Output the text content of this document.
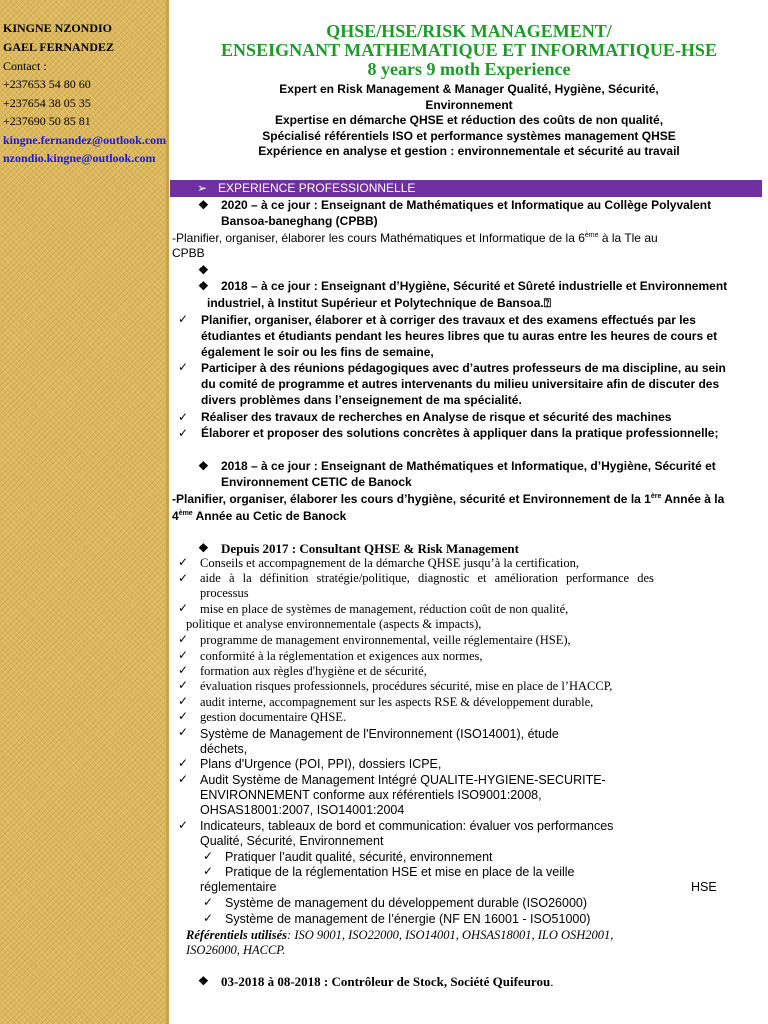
KINGNE NZONDIO
GAEL FERNANDEZ
Contact :
+237653 54 80 60
+237654 38 05 35
+237690 50 85 81
kingne.fernandez@outlook.com
nzondio.kingne@outlook.com
QHSE/HSE/RISK MANAGEMENT/
ENSEIGNANT MATHEMATIQUE ET INFORMATIQUE-HSE
8 years 9 moth Experience
Expert en Risk Management & Manager Qualité, Hygiène, Sécurité,
Environnement
Expertise en démarche QHSE et réduction des coûts de non qualité,
Spécialisé référentiels ISO et performance systèmes management QHSE
Expérience en analyse et gestion : environnementale et sécurité au travail
➢ EXPERIENCE PROFESSIONNELLE
❖ 2020 – à ce jour : Enseignant de Mathématiques et Informatique au Collège Polyvalent
Bansoa-baneghang (CPBB)
-Planifier, organiser, élaborer les cours Mathématiques et Informatique de la 6ème à la Tle au
CPBB
❖
❖ 2018 – à ce jour : Enseignant d’Hygiène, Sécurité et Sûreté industrielle et Environnement
industriel, à Institut Supérieur et Polytechnique de Bansoa.⍰
✓ Planifier, organiser, élaborer et à corriger des travaux et des examens effectués par les
étudiantes et étudiants pendant les heures libres que tu auras entre les heures de cours et
également le soir ou les fins de semaine,
✓ Participer à des réunions pédagogiques avec d’autres professeurs de ma discipline, au sein
du comité de programme et autres intervenants du milieu universitaire afin de discuter des
divers problèmes dans l’enseignement de ma spécialité.
✓ Réaliser des travaux de recherches en Analyse de risque et sécurité des machines
✓ Élaborer et proposer des solutions concrètes à appliquer dans la pratique professionnelle;
❖ 2018 – à ce jour : Enseignant de Mathématiques et Informatique, d’Hygiène, Sécurité et
Environnement CETIC de Banock
-Planifier, organiser, élaborer les cours d’hygiène, sécurité et Environnement de la 1ère Année à la
4ème Année au Cetic de Banock
❖ Depuis 2017 : Consultant QHSE & Risk Management
✓ Conseils et accompagnement de la démarche QHSE jusqu’à la certification,
✓ aide à la définition stratégie/politique, diagnostic et amélioration performance des
processus
✓ mise en place de systèmes de management, réduction coût de non qualité,
politique et analyse environnementale (aspects & impacts),
✓ programme de management environnemental, veille réglementaire (HSE),
✓ conformité à la réglementation et exigences aux normes,
✓ formation aux règles d'hygiène et de sécurité,
✓ évaluation risques professionnels, procédures sécurité, mise en place de l’HACCP,
✓ audit interne, accompagnement sur les aspects RSE & développement durable,
✓ gestion documentaire QHSE.
✓ Système de Management de l'Environnement (ISO14001), étude
déchets,
✓ Plans d'Urgence (POI, PPI), dossiers ICPE,
✓ Audit Système de Management Intégré QUALITE-HYGIENE-SECURITE-
ENVIRONNEMENT conforme aux référentiels ISO9001:2008,
OHSAS18001:2007, ISO14001:2004
✓ Indicateurs, tableaux de bord et communication: évaluer vos performances
Qualité, Sécurité, Environnement
✓ Pratiquer l’audit qualité, sécurité, environnement
✓ Pratique de la réglementation HSE et mise en place de la veille
réglementaire	HSE
✓ Système de management du développement durable (ISO26000)
✓ Système de management de l’énergie (NF EN 16001 - ISO51000)
Référentiels utilisés: ISO 9001, ISO22000, ISO14001, OHSAS18001, ILO OSH2001,
ISO26000, HACCP.
❖ 03-2018 à 08-2018 : Contrôleur de Stock, Société Quifeurou.
